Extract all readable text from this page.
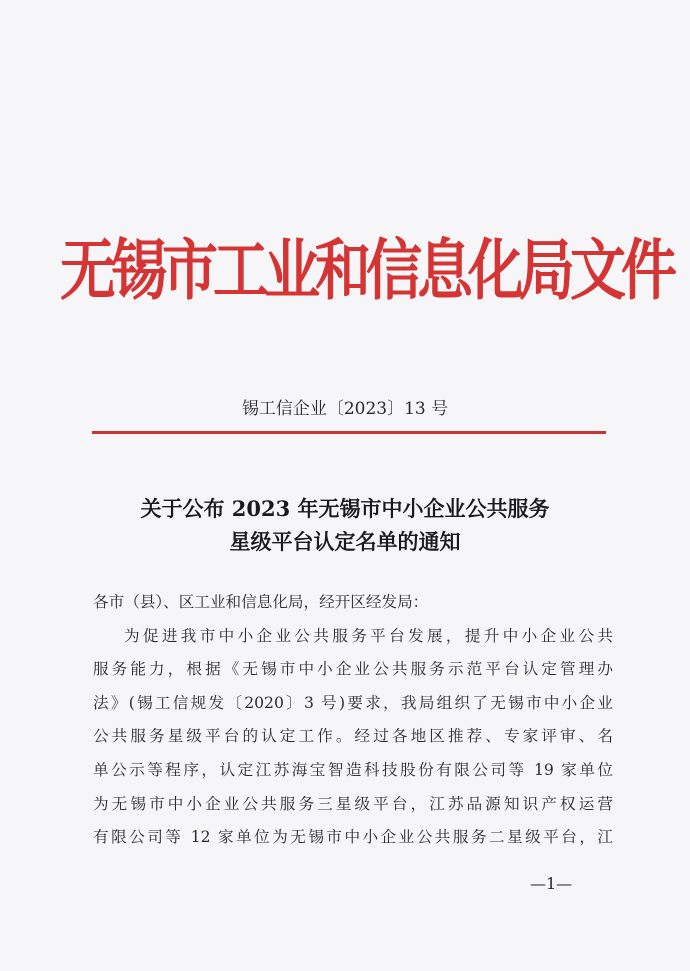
无锡市工业和信息化局文件
锡工信企业〔2023〕13 号
关于公布 2023 年无锡市中小企业公共服务
星级平台认定名单的通知
各市（县）、区工业和信息化局，经开区经发局：
为促进我市中小企业公共服务平台发展，提升中小企业公共
服务能力，根据《无锡市中小企业公共服务示范平台认定管理办
法》(锡工信规发〔2020〕3 号)要求，我局组织了无锡市中小企业
公共服务星级平台的认定工作。经过各地区推荐、专家评审、名
单公示等程序，认定江苏海宝智造科技股份有限公司等 19 家单位
为无锡市中小企业公共服务三星级平台，江苏品源知识产权运营
有限公司等 12 家单位为无锡市中小企业公共服务二星级平台，江
—1—
